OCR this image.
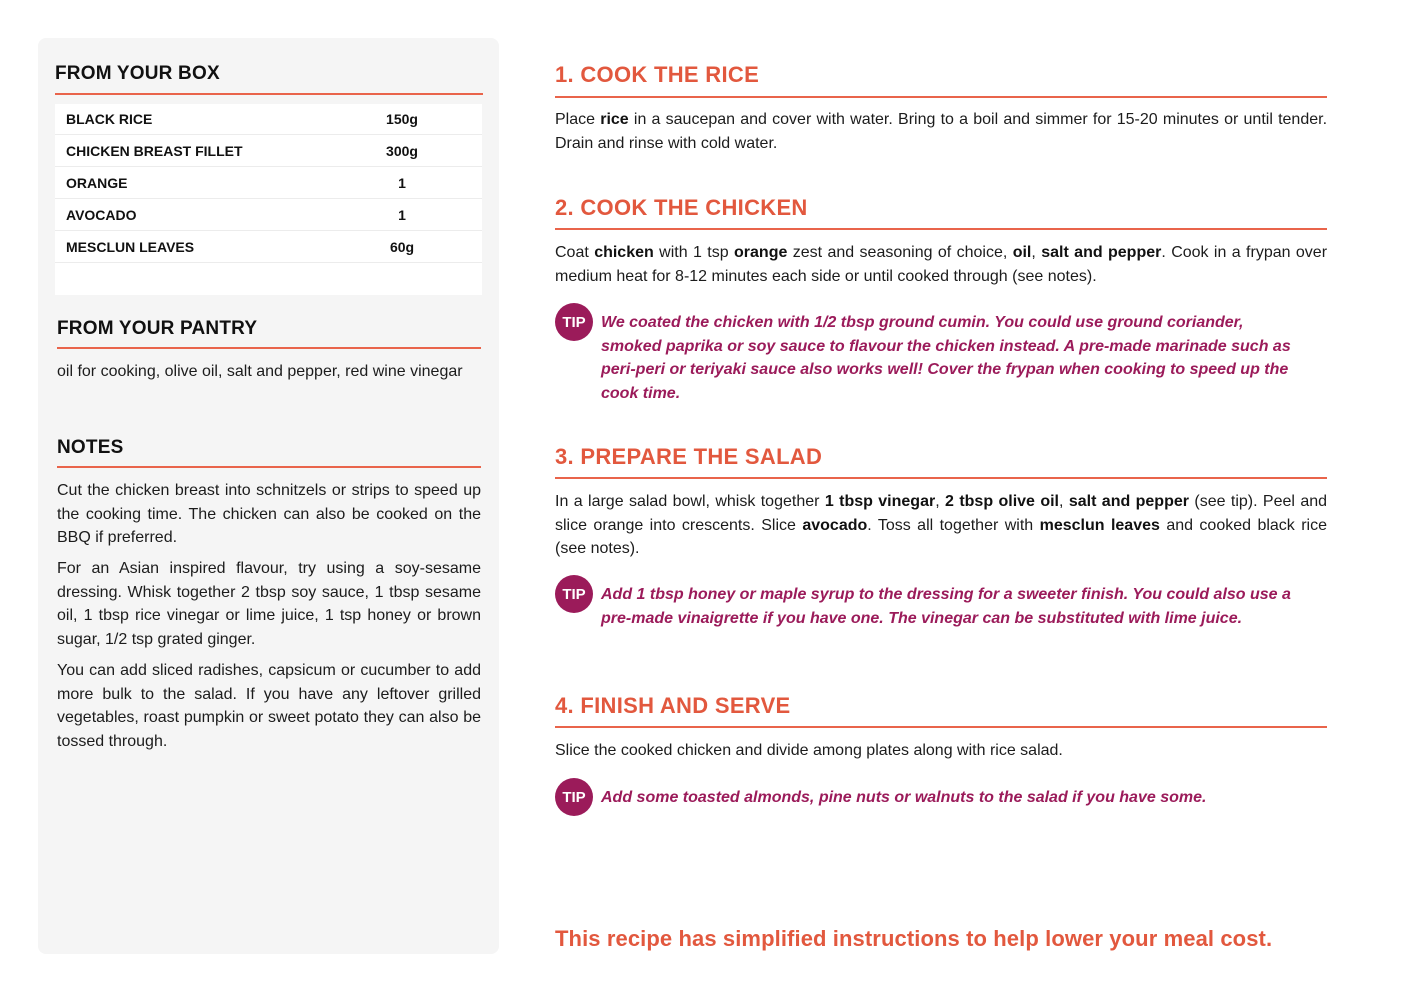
FROM YOUR BOX
BLACK RICE	150g
CHICKEN BREAST FILLET	300g
ORANGE	1
AVOCADO	1
MESCLUN LEAVES	60g
FROM YOUR PANTRY

oil for cooking, olive oil, salt and pepper, red wine vinegar

NOTES

Cut the chicken breast into schnitzels or strips to speed up the cooking time. The chicken can also be cooked on the BBQ if preferred.

For an Asian inspired flavour, try using a soy-sesame dressing. Whisk together 2 tbsp soy sauce, 1 tbsp sesame oil, 1 tbsp rice vinegar or lime juice, 1 tsp honey or brown sugar, 1/2 tsp grated ginger.

You can add sliced radishes, capsicum or cucumber to add more bulk to the salad. If you have any leftover grilled vegetables, roast pumpkin or sweet potato they can also be tossed through.

1. COOK THE RICE

Place rice in a saucepan and cover with water. Bring to a boil and simmer for 15-20 minutes or until tender. Drain and rinse with cold water.

2. COOK THE CHICKEN

Coat chicken with 1 tsp orange zest and seasoning of choice, oil, salt and pepper. Cook in a frypan over medium heat for 8-12 minutes each side or until cooked through (see notes).

TIP We coated the chicken with 1/2 tbsp ground cumin. You could use ground coriander, smoked paprika or soy sauce to flavour the chicken instead. A pre-made marinade such as peri-peri or teriyaki sauce also works well! Cover the frypan when cooking to speed up the cook time.

3. PREPARE THE SALAD

In a large salad bowl, whisk together 1 tbsp vinegar, 2 tbsp olive oil, salt and pepper (see tip). Peel and slice orange into crescents. Slice avocado. Toss all together with mesclun leaves and cooked black rice (see notes).

TIP Add 1 tbsp honey or maple syrup to the dressing for a sweeter finish. You could also use a pre-made vinaigrette if you have one. The vinegar can be substituted with lime juice.

4. FINISH AND SERVE

Slice the cooked chicken and divide among plates along with rice salad.

TIP Add some toasted almonds, pine nuts or walnuts to the salad if you have some.

This recipe has simplified instructions to help lower your meal cost.
